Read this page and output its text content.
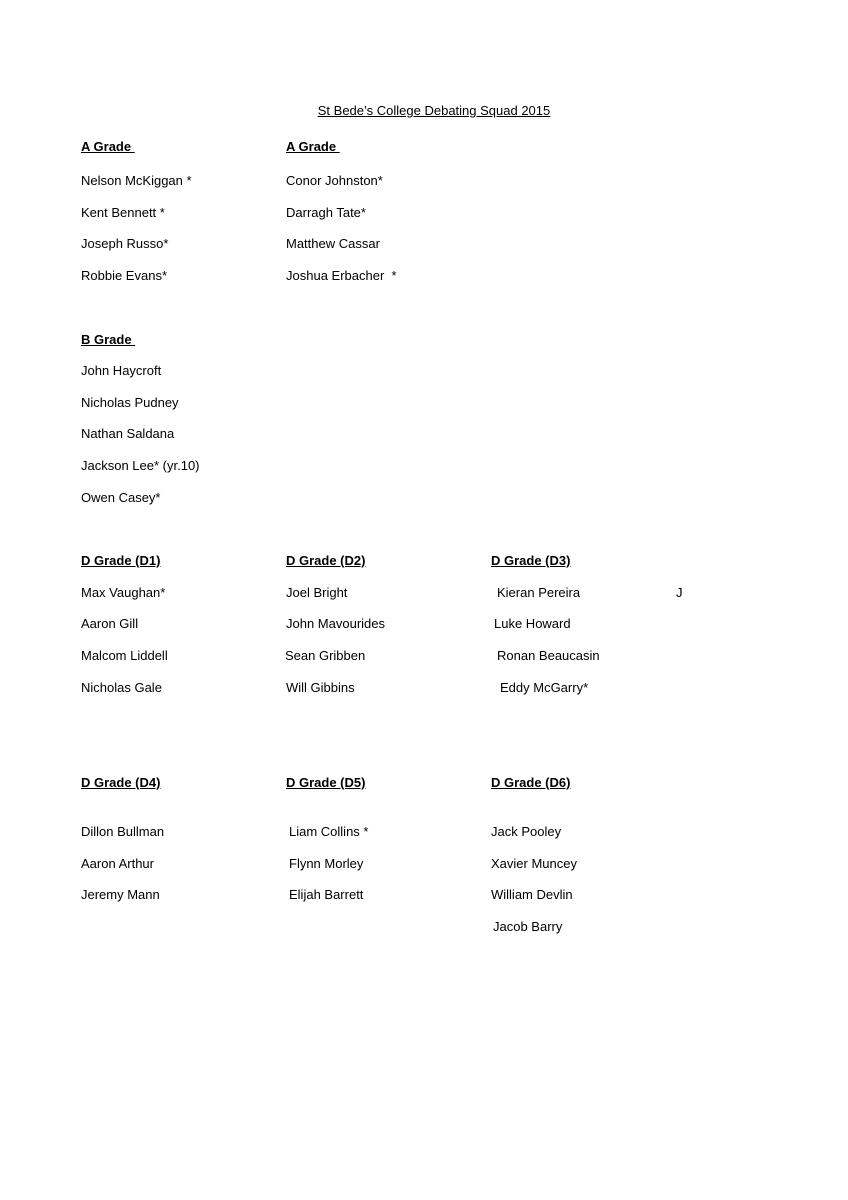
St Bede’s College Debating Squad 2015
A Grade
Nelson McKiggan *
Kent Bennett *
Joseph Russo*
Robbie Evans*
A Grade
Conor Johnston*
Darragh Tate*
Matthew Cassar
Joshua Erbacher  *
B Grade
John Haycroft
Nicholas Pudney
Nathan Saldana
Jackson Lee* (yr.10)
Owen Casey*
D Grade (D1)
Max Vaughan*
Aaron Gill
Malcom Liddell
Nicholas Gale
D Grade (D2)
Joel Bright
John Mavourides
Sean Gribben
Will Gibbins
D Grade (D3)
Kieran Pereira
Luke Howard
Ronan Beaucasin
Eddy McGarry*
J
D Grade (D4)
Dillon Bullman
Aaron Arthur
Jeremy Mann
D Grade (D5)
Liam Collins *
Flynn Morley
Elijah Barrett
D Grade (D6)
Jack Pooley
Xavier Muncey
William Devlin
Jacob Barry
